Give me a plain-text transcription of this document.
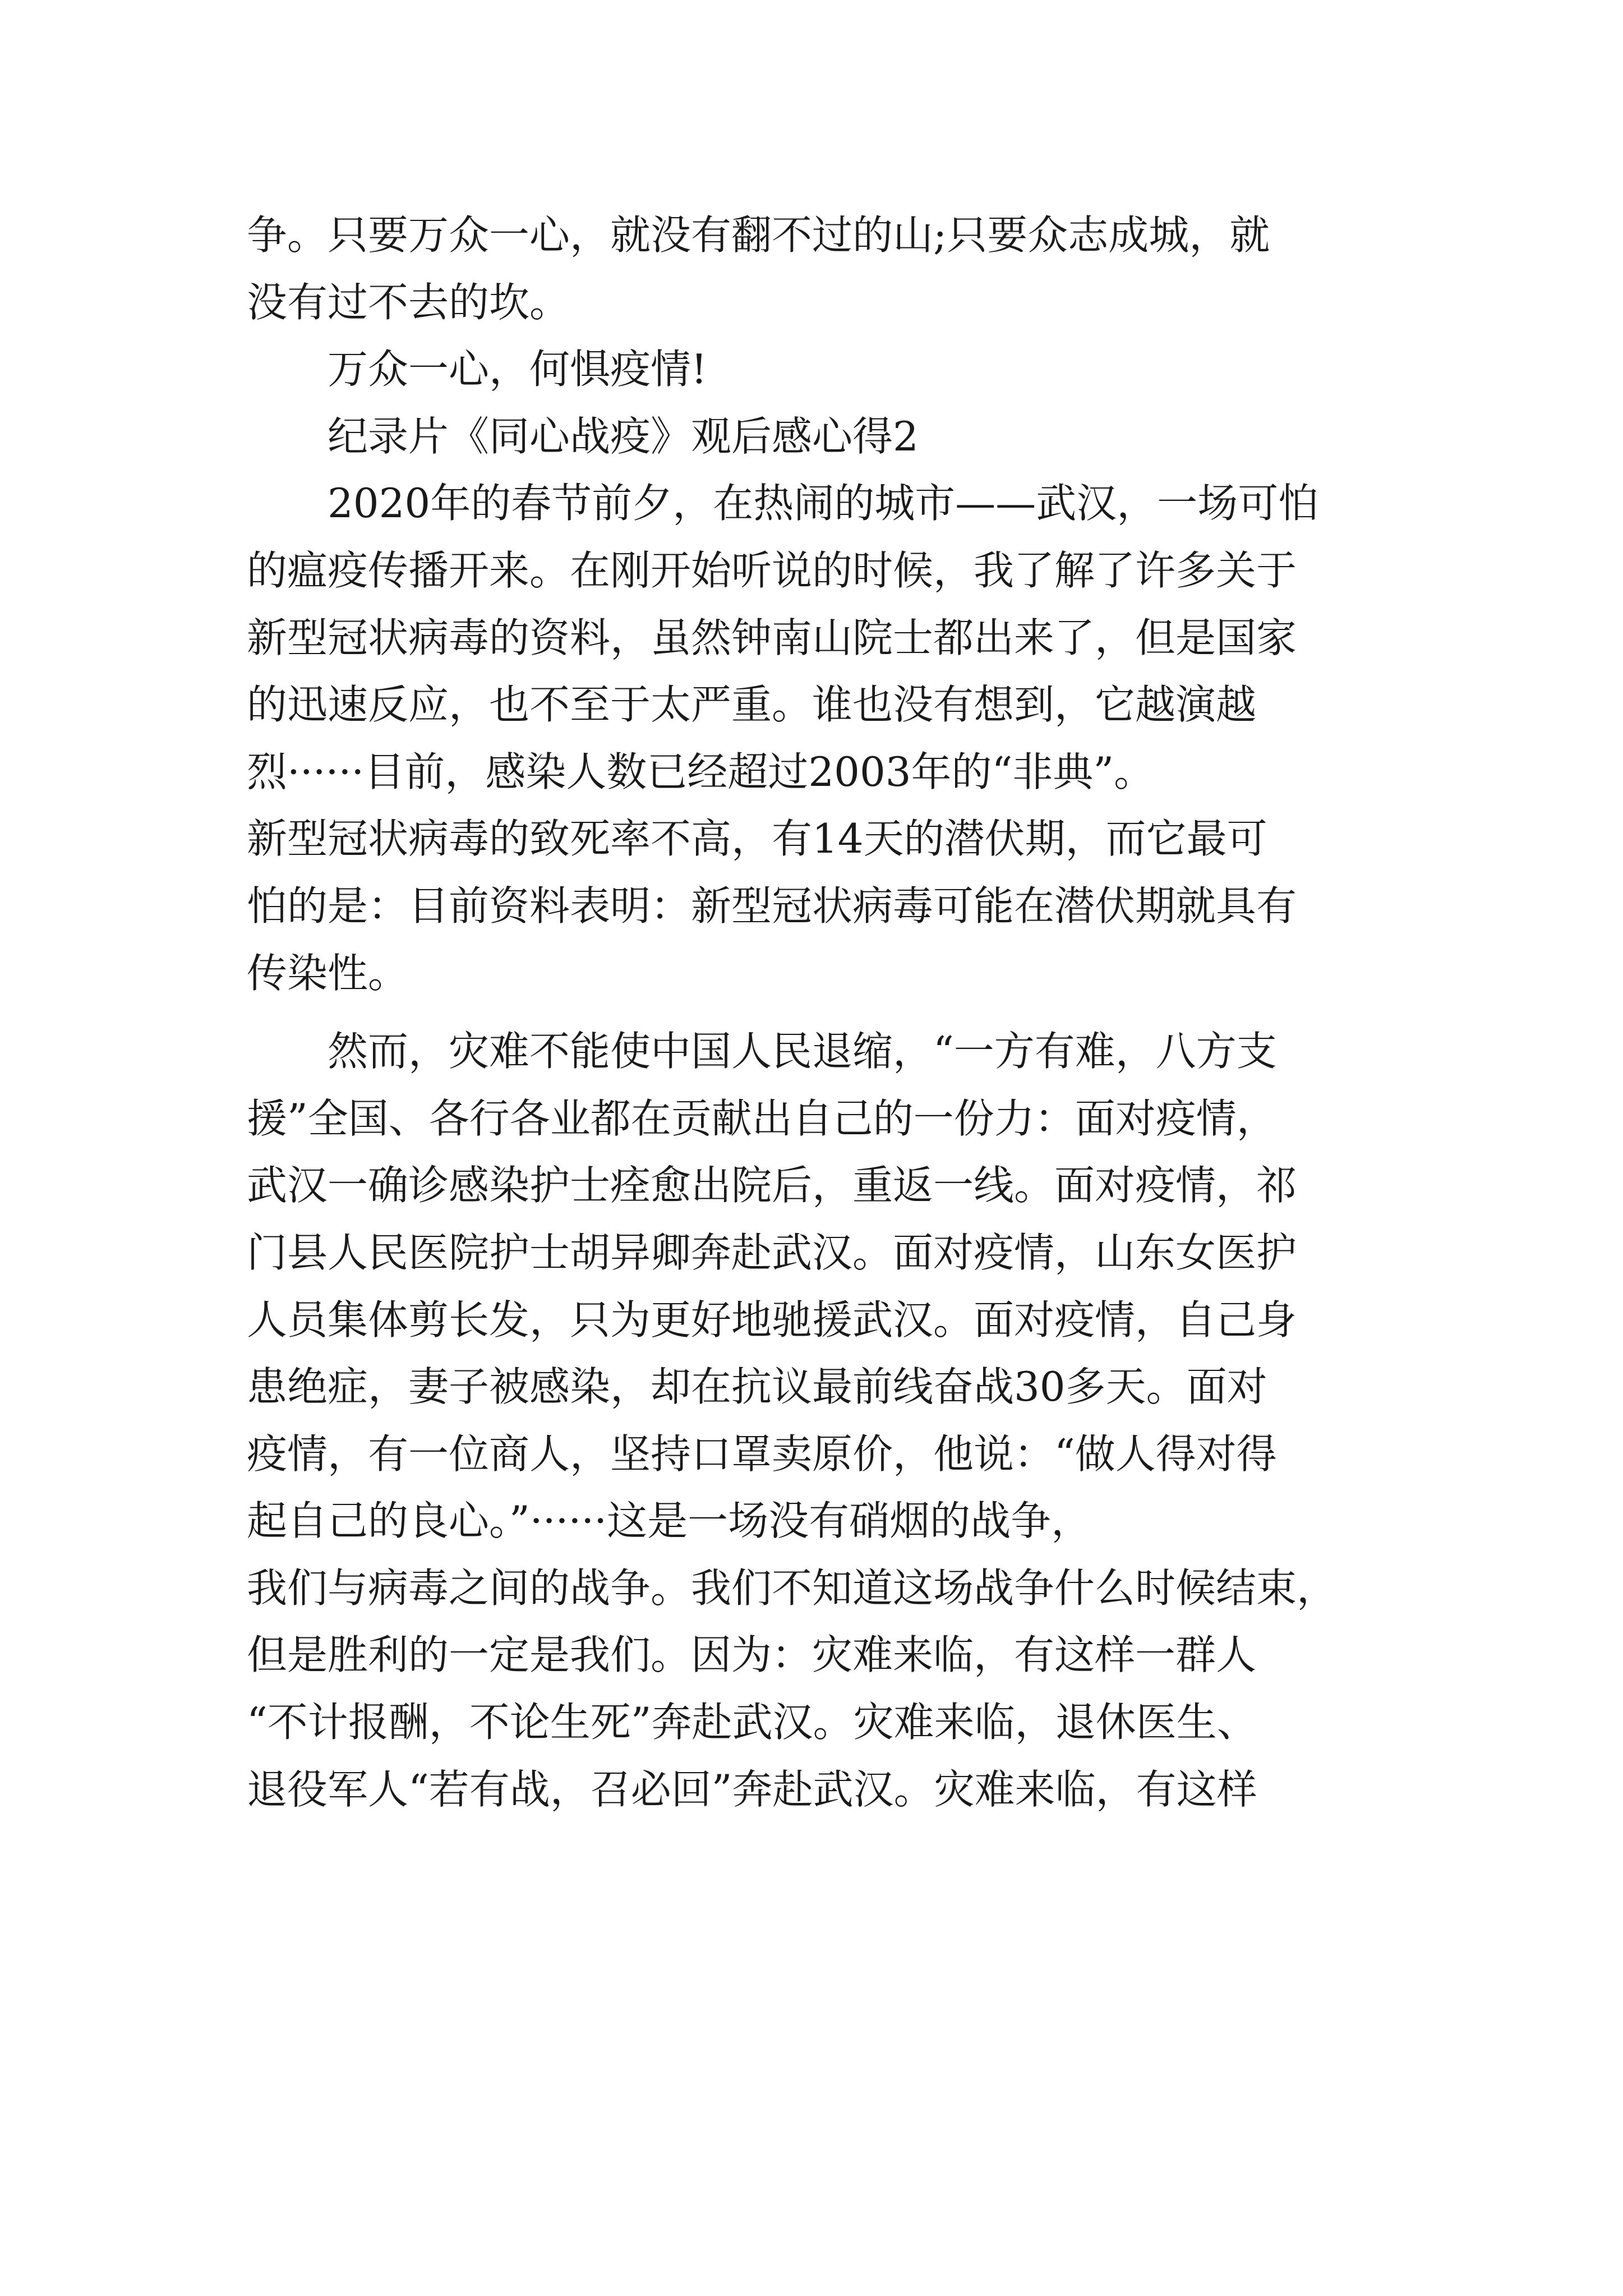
争。只要万众一心，就没有翻不过的山;只要众志成城，就
没有过不去的坎。
万众一心，何惧疫情!
纪录片《同心战疫》观后感心得2
2020年的春节前夕，在热闹的城市——武汉，一场可怕
的瘟疫传播开来。在刚开始听说的时候，我了解了许多关于
新型冠状病毒的资料，虽然钟南山院士都出来了，但是国家
的迅速反应，也不至于太严重。谁也没有想到，它越演越
烈······目前，感染人数已经超过2003年的“非典”。
新型冠状病毒的致死率不高，有14天的潜伏期，而它最可
怕的是：目前资料表明：新型冠状病毒可能在潜伏期就具有
传染性。
然而，灾难不能使中国人民退缩，“一方有难，八方支
援”全国、各行各业都在贡献出自己的一份力：面对疫情，
武汉一确诊感染护士痊愈出院后，重返一线。面对疫情，祁
门县人民医院护士胡异卿奔赴武汉。面对疫情，山东女医护
人员集体剪长发，只为更好地驰援武汉。面对疫情，自己身
患绝症，妻子被感染，却在抗议最前线奋战30多天。面对
疫情，有一位商人，坚持口罩卖原价，他说：“做人得对得
起自己的良心。”······这是一场没有硝烟的战争，
我们与病毒之间的战争。我们不知道这场战争什么时候结束，
但是胜利的一定是我们。因为：灾难来临，有这样一群人
“不计报酬，不论生死”奔赴武汉。灾难来临，退休医生、
退役军人“若有战，召必回”奔赴武汉。灾难来临，有这样
